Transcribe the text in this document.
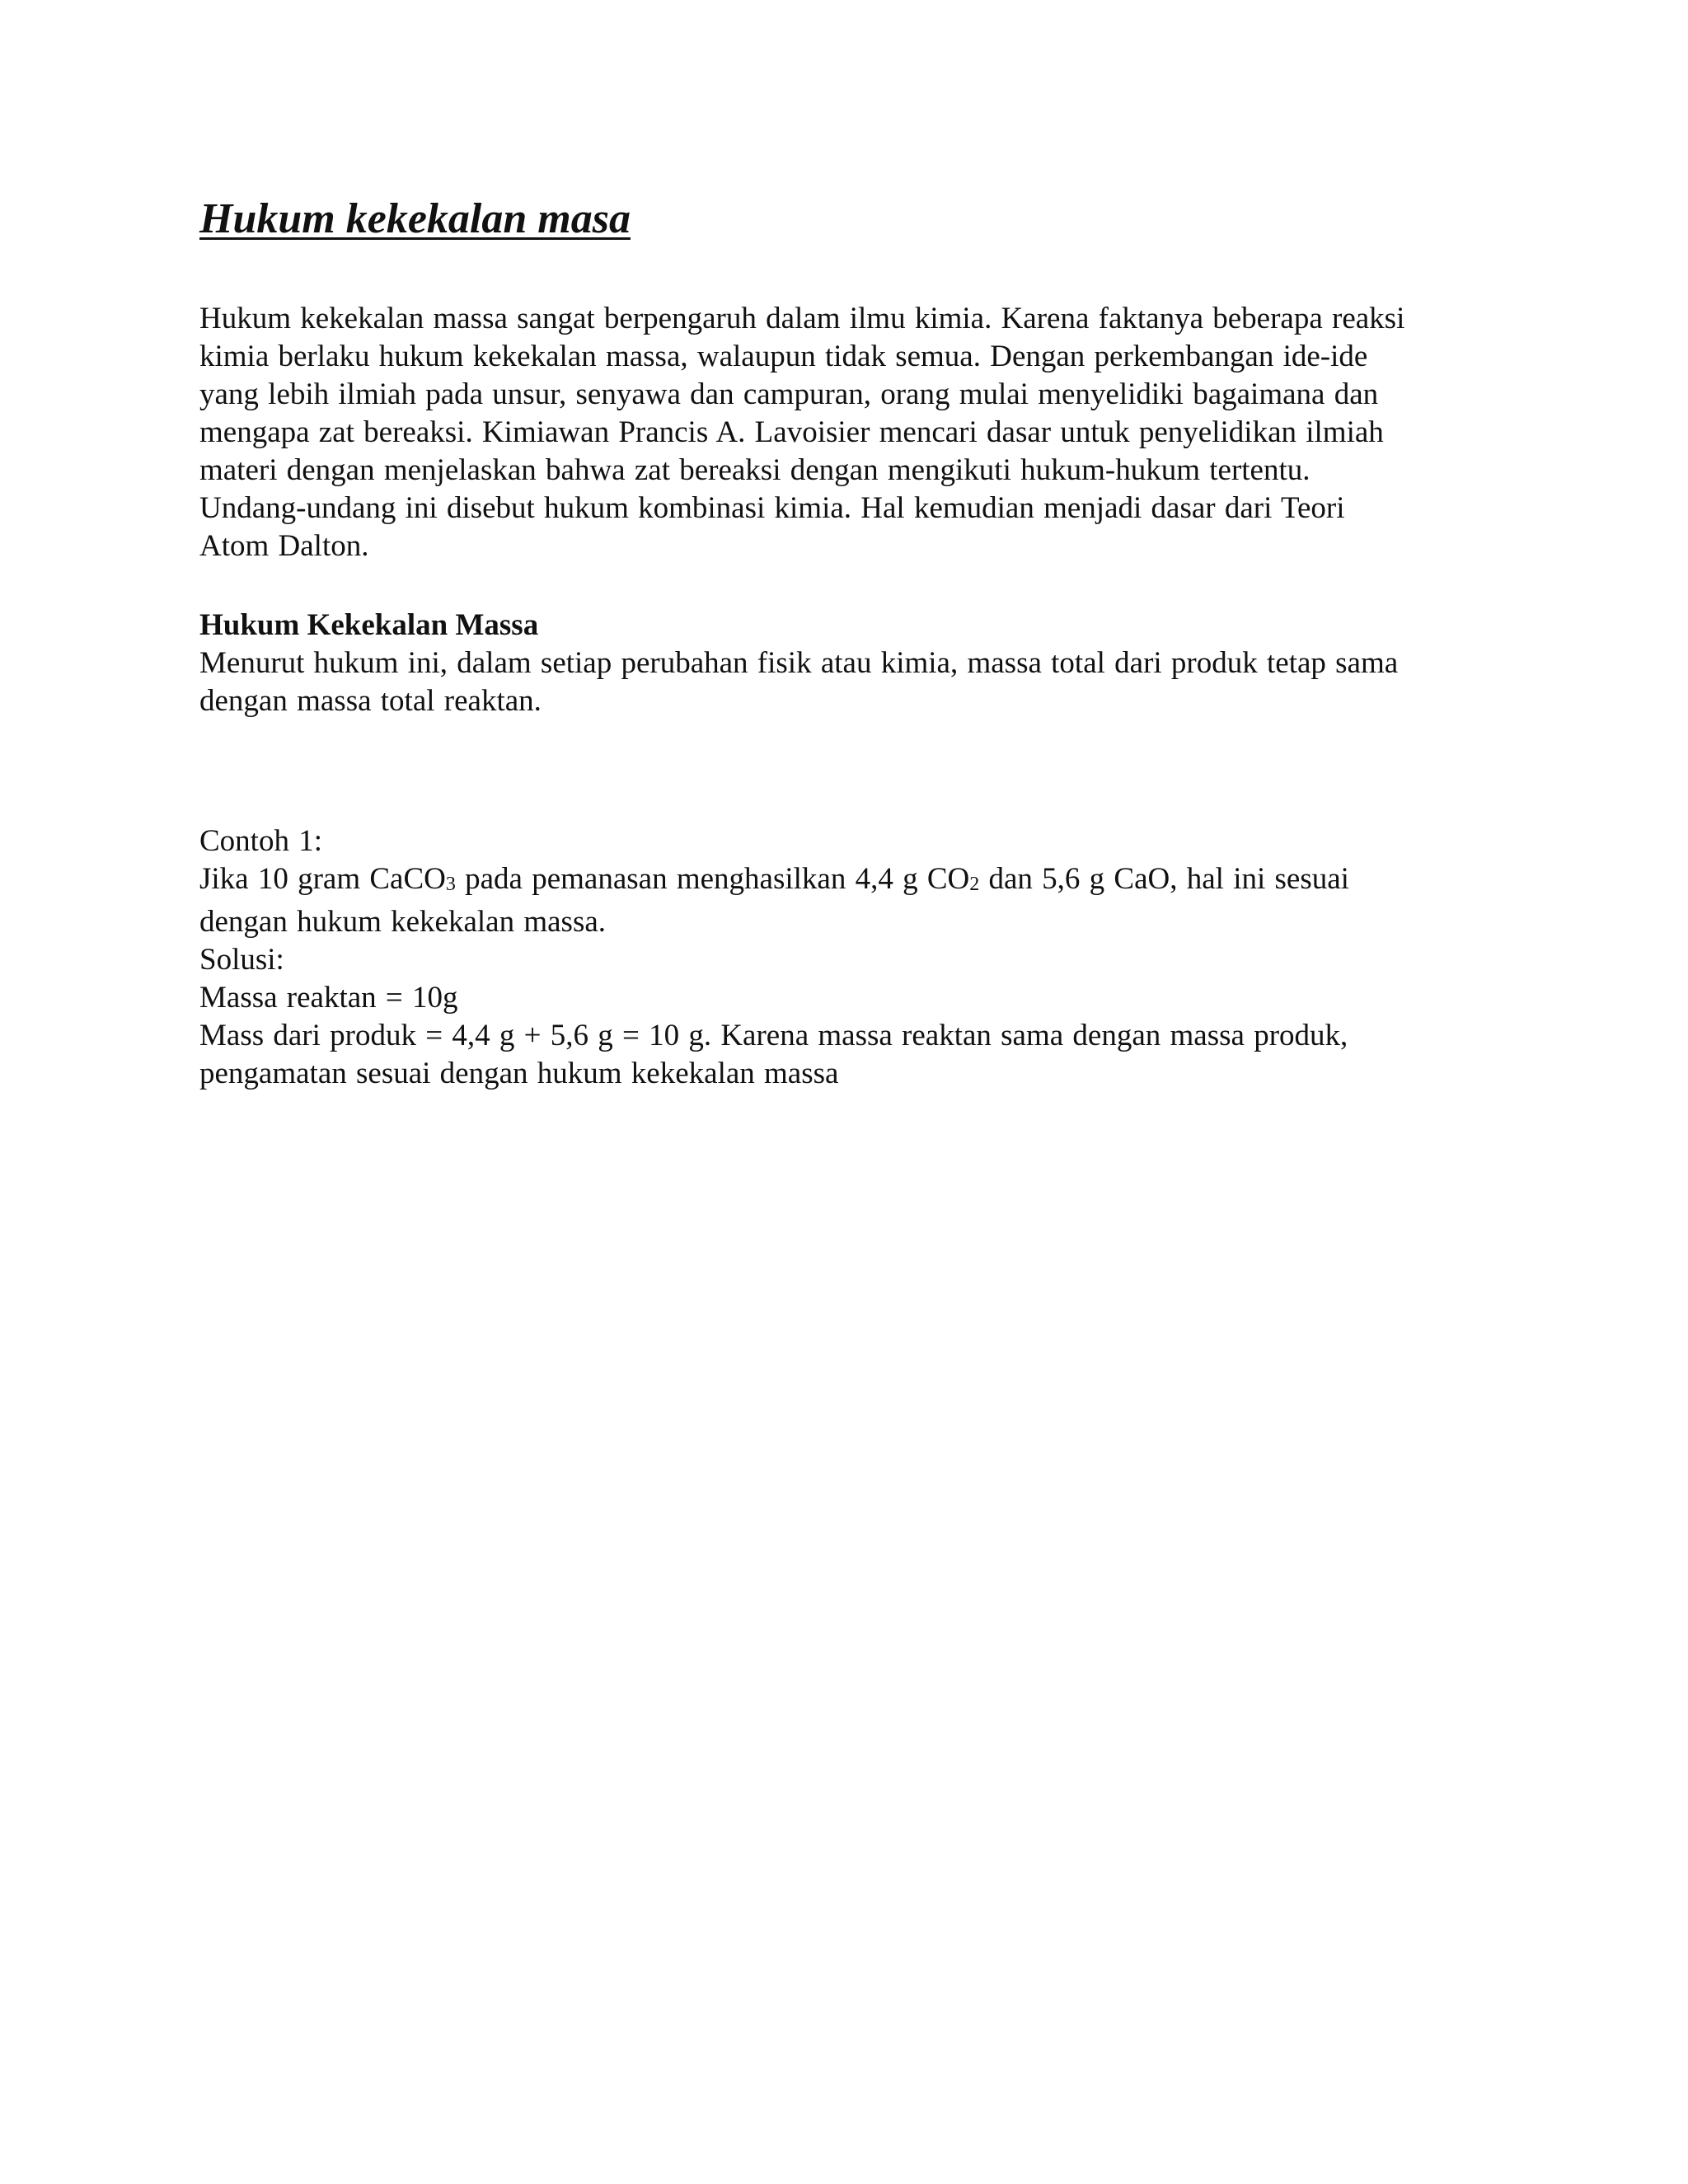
Hukum kekekalan masa

Hukum kekekalan massa sangat berpengaruh dalam ilmu kimia. Karena faktanya beberapa reaksi
kimia berlaku hukum kekekalan massa, walaupun tidak semua. Dengan perkembangan ide-ide
yang lebih ilmiah pada unsur, senyawa dan campuran, orang mulai menyelidiki bagaimana dan
mengapa zat bereaksi. Kimiawan Prancis A. Lavoisier mencari dasar untuk penyelidikan ilmiah
materi dengan menjelaskan bahwa zat bereaksi dengan mengikuti hukum-hukum tertentu.
Undang-undang ini disebut hukum kombinasi kimia. Hal kemudian menjadi dasar dari Teori
Atom Dalton.

Hukum Kekekalan Massa

Menurut hukum ini, dalam setiap perubahan fisik atau kimia, massa total dari produk tetap sama
dengan massa total reaktan.

Contoh 1:
Jika 10 gram CaCO$_3$ pada pemanasan menghasilkan 4,4 g $CO_2$ dan 5,6 g CaO, hal ini sesuai
dengan hukum kekekalan massa.
Solusi:
Massa reaktan = 10g
Mass dari produk = 4,4 g + 5,6 g = 10 g. Karena massa reaktan sama dengan massa produk,
pengamatan sesuai dengan hukum kekekalan massa
